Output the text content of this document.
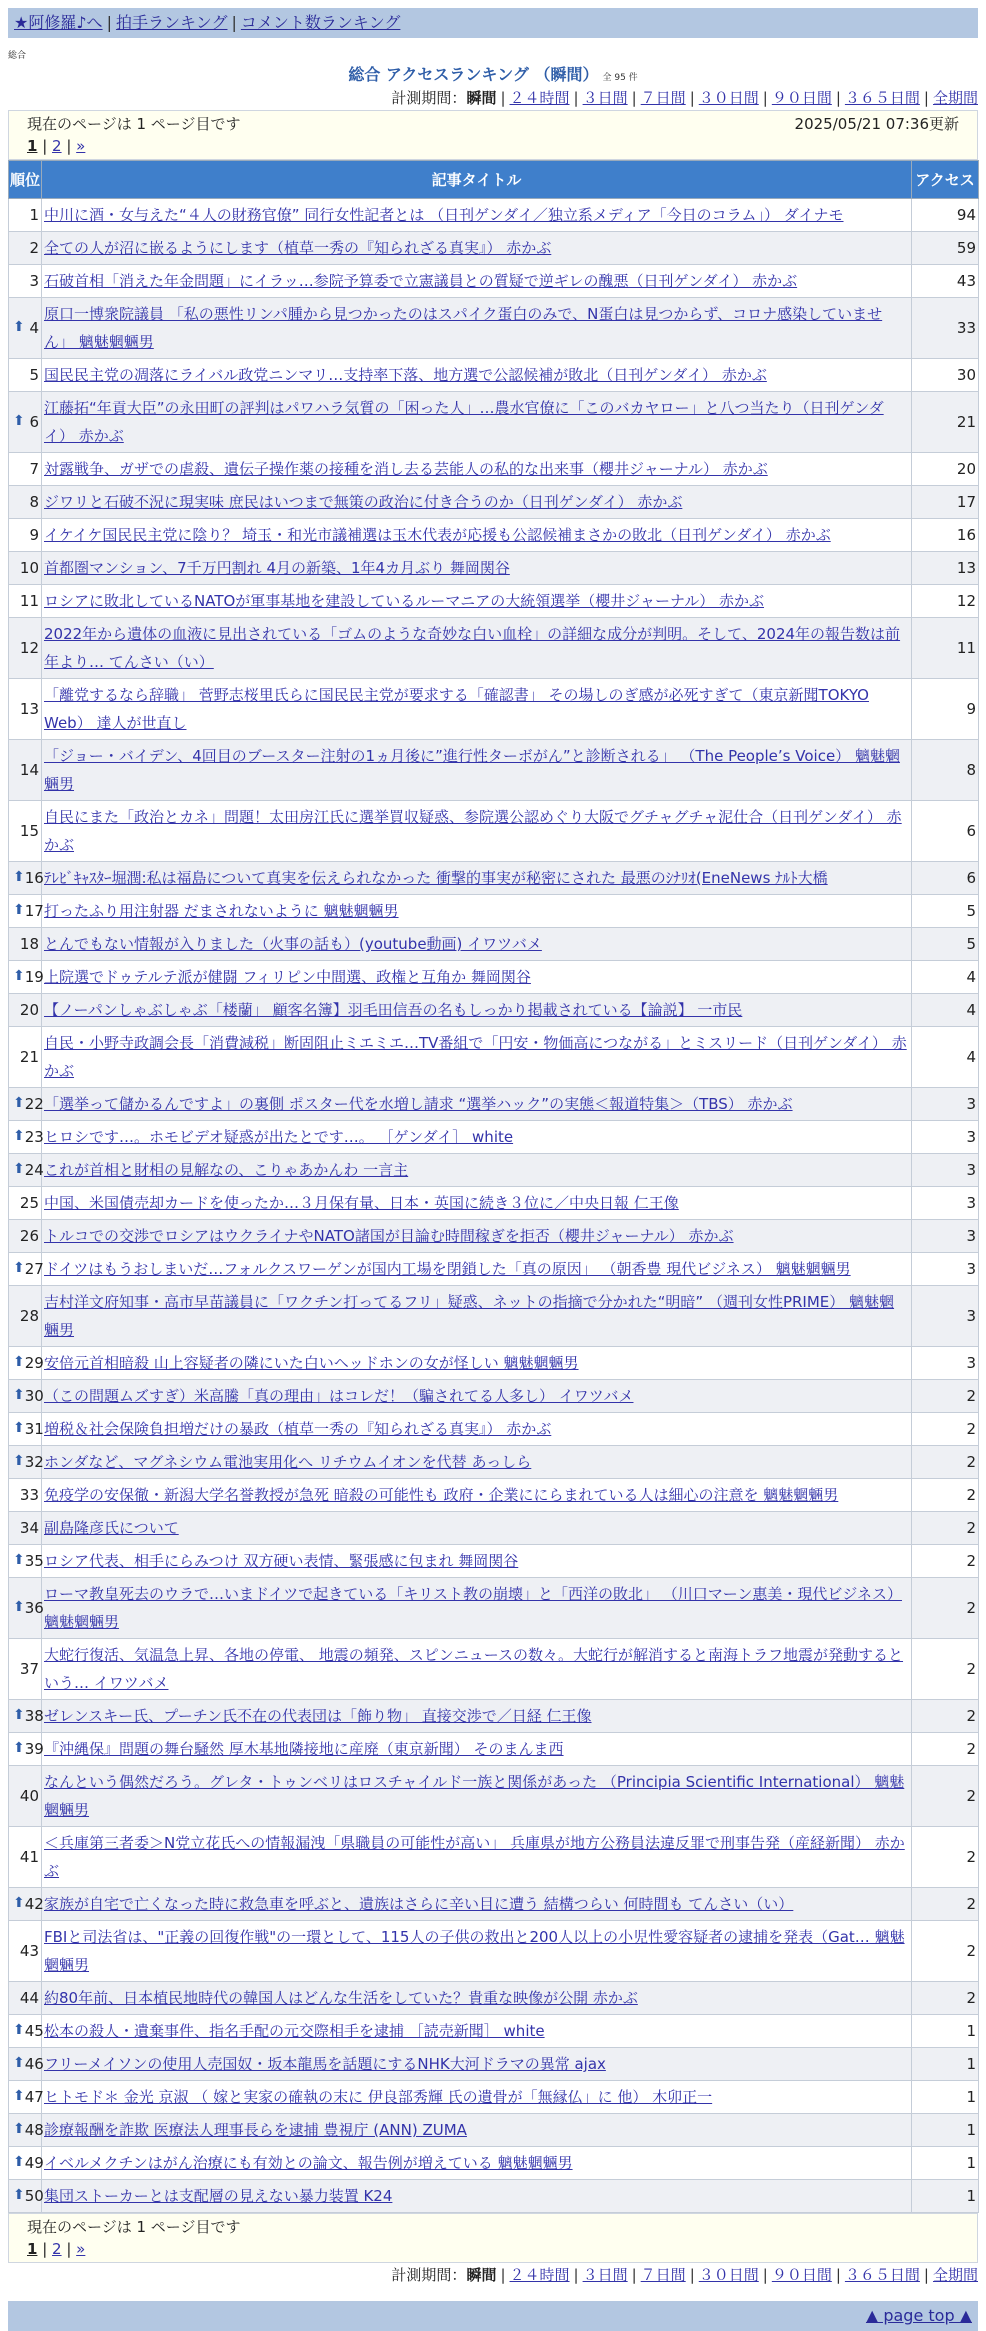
★阿修羅♪へ | 拍手ランキング | コメント数ランキング
総合
総合 アクセスランキング （瞬間） 全 95 件
計測期間：瞬間 | ２４時間 | ３日間 | ７日間 | ３０日間 | ９０日間 | ３６５日間 | 全期間
現在のページは 1 ページ目です	2025/05/21 07:36更新
1 | 2 | »
順位	記事タイトル	アクセス
1	中川に酒・女与えた“４人の財務官僚” 同行女性記者とは （日刊ゲンダイ／独立系メディア「今日のコラム」） ダイナモ	94
2	全ての人が沼に嵌るようにします（植草一秀の『知られざる真実』） 赤かぶ	59
3	石破首相「消えた年金問題」にイラッ…参院予算委で立憲議員との質疑で逆ギレの醜悪（日刊ゲンダイ） 赤かぶ	43

⬆ 4	原口一博衆院議員 「私の悪性リンパ腫から見つかったのはスパイク蛋白のみで、N蛋白は見つからず、コロナ感染していません」 魑魅魍魎男	33
5	国民民主党の凋落にライバル政党ニンマリ…支持率下落、地方選で公認候補が敗北（日刊ゲンダイ） 赤かぶ	30

⬆ 6	江藤拓“年貢大臣”の永田町の評判はパワハラ気質の「困った人」…農水官僚に「このバカヤロー」と八つ当たり（日刊ゲンダイ） 赤かぶ	21
7	対露戦争、ガザでの虐殺、遺伝子操作薬の接種を消し去る芸能人の私的な出来事（櫻井ジャーナル） 赤かぶ	20
8	ジワリと石破不況に現実味 庶民はいつまで無策の政治に付き合うのか（日刊ゲンダイ） 赤かぶ	17
9	イケイケ国民民主党に陰り？ 埼玉・和光市議補選は玉木代表が応援も公認候補まさかの敗北（日刊ゲンダイ） 赤かぶ	16
10	首都圏マンション、7千万円割れ 4月の新築、1年4カ月ぶり 舞岡関谷	13
11	ロシアに敗北しているNATOが軍事基地を建設しているルーマニアの大統領選挙（櫻井ジャーナル） 赤かぶ	12
12	2022年から遺体の血液に見出されている「ゴムのような奇妙な白い血栓」の詳細な成分が判明。そして、2024年の報告数は前年より… てんさい（い）	11
13	「離党するなら辞職」 菅野志桜里氏らに国民民主党が要求する「確認書」 その場しのぎ感が必死すぎて（東京新聞TOKYO Web） 達人が世直し	9
14	「ジョー・バイデン、4回目のブースター注射の1ヵ月後に”進行性ターボがん”と診断される」 （The People’s Voice） 魑魅魍魎男	8
15	自民にまた「政治とカネ」問題！太田房江氏に選挙買収疑惑、参院選公認めぐり大阪でグチャグチャ泥仕合（日刊ゲンダイ） 赤かぶ	6

⬆ 16	ﾃﾚﾋﾞｷｬｽﾀｰ堀潤:私は福島について真実を伝えられなかった 衝撃的事実が秘密にされた 最悪のｼﾅﾘｵ(EneNews ﾅﾙﾄ大橋	6

⬆ 17	打ったふり用注射器 だまされないように 魑魅魍魎男	5
18	とんでもない情報が入りました（火事の話も）(youtube動画) イワツバメ	5

⬆ 19	上院選でドゥテルテ派が健闘 フィリピン中間選、政権と互角か 舞岡関谷	4
20	【ノーパンしゃぶしゃぶ「楼蘭」 顧客名簿】羽毛田信吾の名もしっかり掲載されている【論説】 一市民	4
21	自民・小野寺政調会長「消費減税」断固阻止ミエミエ…TV番組で「円安・物価高につながる」とミスリード（日刊ゲンダイ） 赤かぶ	4

⬆ 22	「選挙って儲かるんですよ」の裏側 ポスター代を水増し請求 “選挙ハック”の実態＜報道特集＞（TBS） 赤かぶ	3

⬆ 23	ヒロシです…。ホモビデオ疑惑が出たとです…。 ［ゲンダイ］ white	3

⬆ 24	これが首相と財相の見解なの、こりゃあかんわ 一言主	3
25	中国、米国債売却カードを使ったか…３月保有量、日本・英国に続き３位に／中央日報 仁王像	3
26	トルコでの交渉でロシアはウクライナやNATO諸国が目論む時間稼ぎを拒否（櫻井ジャーナル） 赤かぶ	3

⬆ 27	ドイツはもうおしまいだ…フォルクスワーゲンが国内工場を閉鎖した「真の原因」 （朝香豊 現代ビジネス） 魑魅魍魎男	3
28	吉村洋文府知事・高市早苗議員に「ワクチン打ってるフリ」疑惑、ネットの指摘で分かれた“明暗” （週刊女性PRIME） 魑魅魍魎男	3

⬆ 29	安倍元首相暗殺 山上容疑者の隣にいた白いヘッドホンの女が怪しい 魑魅魍魎男	3

⬆ 30	（この問題ムズすぎ）米高騰「真の理由」はコレだ！（騙されてる人多し） イワツバメ	2

⬆ 31	増税＆社会保険負担増だけの暴政（植草一秀の『知られざる真実』） 赤かぶ	2

⬆ 32	ホンダなど、マグネシウム電池実用化へ リチウムイオンを代替 あっしら	2
33	免疫学の安保徹・新潟大学名誉教授が急死 暗殺の可能性も 政府・企業ににらまれている人は細心の注意を 魑魅魍魎男	2
34	副島隆彦氏について	2

⬆ 35	ロシア代表、相手にらみつけ 双方硬い表情、緊張感に包まれ 舞岡関谷	2

⬆ 36	ローマ教皇死去のウラで…いまドイツで起きている「キリスト教の崩壊」と「西洋の敗北」 （川口マーン惠美・現代ビジネス） 魑魅魍魎男	2
37	大蛇行復活、気温急上昇、各地の停電、 地震の頻発、スピンニュースの数々。大蛇行が解消すると南海トラフ地震が発動するという… イワツバメ	2

⬆ 38	ゼレンスキー氏、プーチン氏不在の代表団は「飾り物」 直接交渉で／日経 仁王像	2

⬆ 39	『沖縄保』問題の舞台騒然 厚木基地隣接地に産廃（東京新聞） そのまんま西	2
40	なんという偶然だろう。グレタ・トゥンベリはロスチャイルド一族と関係があった （Principia Scientific International） 魑魅魍魎男	2
41	＜兵庫第三者委＞N党立花氏への情報漏洩「県職員の可能性が高い」 兵庫県が地方公務員法違反罪で刑事告発（産経新聞） 赤かぶ	2

⬆ 42	家族が自宅で亡くなった時に救急車を呼ぶと、遺族はさらに辛い目に遭う 結構つらい 何時間も てんさい（い）	2
43	FBIと司法省は、"正義の回復作戦"の一環として、115人の子供の救出と200人以上の小児性愛容疑者の逮捕を発表（Gat… 魑魅魍魎男	2
44	約80年前、日本植民地時代の韓国人はどんな生活をしていた？貴重な映像が公開 赤かぶ	2

⬆ 45	松本の殺人・遺棄事件、指名手配の元交際相手を逮捕 ［読売新聞］ white	1

⬆ 46	フリーメイソンの使用人売国奴・坂本龍馬を話題にするNHK大河ドラマの異常 ajax	1

⬆ 47	ヒトモド＊ 金光 京淑 （ 嫁と実家の確執の末に 伊良部秀輝 氏の遺骨が「無縁仏」に 他） 木卯正一	1

⬆ 48	診療報酬を詐欺 医療法人理事長らを逮捕 豊視庁 (ANN) ZUMA	1

⬆ 49	イベルメクチンはがん治療にも有効との論文、報告例が増えている 魑魅魍魎男	1

⬆ 50	集団ストーカーとは支配層の見えない暴力装置 K24	1
現在のページは 1 ページ目です
1 | 2 | »
計測期間：瞬間 | ２４時間 | ３日間 | ７日間 | ３０日間 | ９０日間 | ３６５日間 | 全期間
▲ page top ▲
